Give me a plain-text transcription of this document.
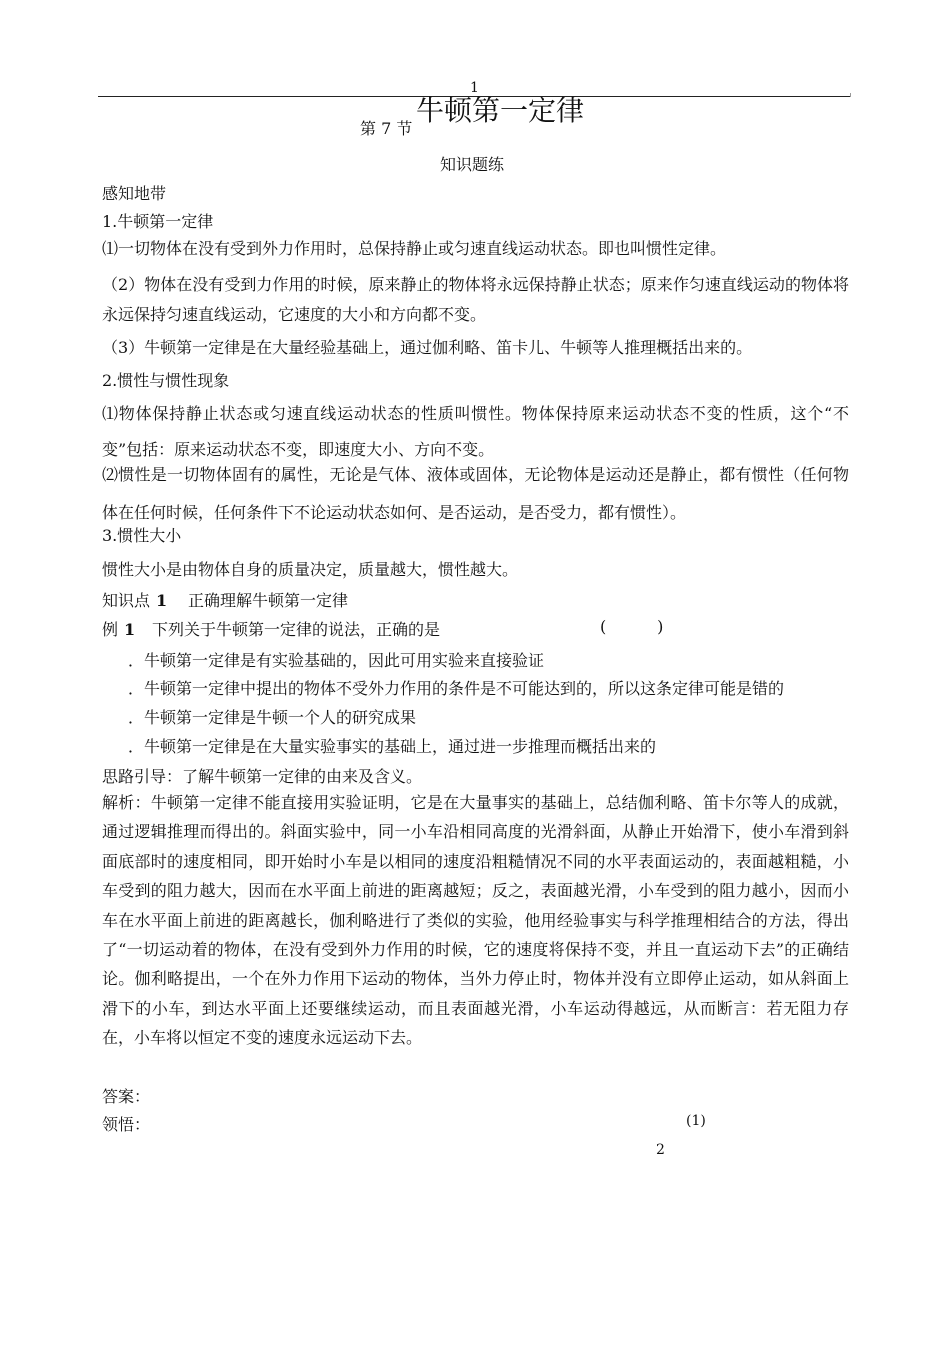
1
第 7 节
牛顿第一定律
知识题练
感知地带
1.牛顿第一定律
⑴一切物体在没有受到外力作用时，总保持静止或匀速直线运动状态。即也叫惯性定律。
（2）物体在没有受到力作用的时候，原来静止的物体将永远保持静止状态；原来作匀速直线运动的物体将永远保持匀速直线运动，它速度的大小和方向都不变。
（3）牛顿第一定律是在大量经验基础上，通过伽利略、笛卡儿、牛顿等人推理概括出来的。
2.惯性与惯性现象
⑴物体保持静止状态或匀速直线运动状态的性质叫惯性。物体保持原来运动状态不变的性质，这个“不变”包括：原来运动状态不变，即速度大小、方向不变。
⑵惯性是一切物体固有的属性，无论是气体、液体或固体，无论物体是运动还是静止，都有惯性（任何物体在任何时候，任何条件下不论运动状态如何、是否运动，是否受力，都有惯性）。
3.惯性大小
惯性大小是由物体自身的质量决定，质量越大，惯性越大。
知识点 1 正确理解牛顿第一定律
例 1 下列关于牛顿第一定律的说法，正确的是	(          )
．牛顿第一定律是有实验基础的，因此可用实验来直接验证
．牛顿第一定律中提出的物体不受外力作用的条件是不可能达到的，所以这条定律可能是错的
．牛顿第一定律是牛顿一个人的研究成果
．牛顿第一定律是在大量实验事实的基础上，通过进一步推理而概括出来的
思路引导：了解牛顿第一定律的由来及含义。
解析：牛顿第一定律不能直接用实验证明，它是在大量事实的基础上，总结伽利略、笛卡尔等人的成就，通过逻辑推理而得出的。斜面实验中，同一小车沿相同高度的光滑斜面，从静止开始滑下，使小车滑到斜面底部时的速度相同，即开始时小车是以相同的速度沿粗糙情况不同的水平表面运动的，表面越粗糙，小车受到的阻力越大，因而在水平面上前进的距离越短；反之，表面越光滑，小车受到的阻力越小，因而小车在水平面上前进的距离越长，伽利略进行了类似的实验，他用经验事实与科学推理相结合的方法，得出了“一切运动着的物体，在没有受到外力作用的时候，它的速度将保持不变，并且一直运动下去”的正确结论。伽利略提出，一个在外力作用下运动的物体，当外力停止时，物体并没有立即停止运动，如从斜面上滑下的小车，到达水平面上还要继续运动，而且表面越光滑，小车运动得越远，从而断言：若无阻力存在，小车将以恒定不变的速度永远运动下去。
答案：
领悟：	(1)
2
